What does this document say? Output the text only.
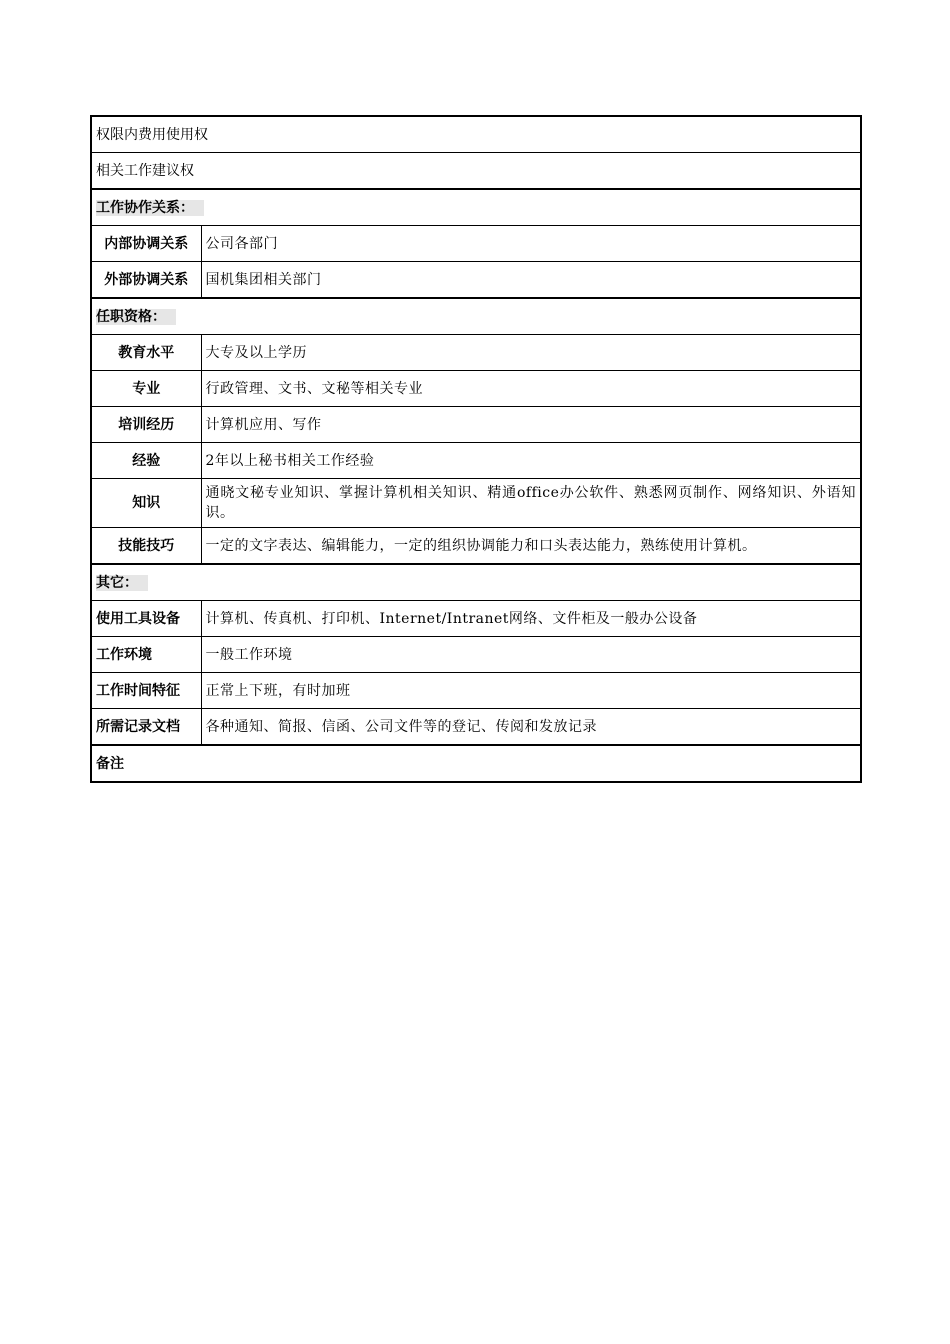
权限内费用使用权	
相关工作建议权	
工作协作关系：	
内部协调关系	公司各部门
外部协调关系	国机集团相关部门
任职资格：	
教育水平	大专及以上学历
专业	行政管理、文书、文秘等相关专业
培训经历	计算机应用、写作
经验	2年以上秘书相关工作经验
知识	通晓文秘专业知识、掌握计算机相关知识、精通office办公软件、熟悉网页制作、网络知识、外语知识。
技能技巧	一定的文字表达、编辑能力，一定的组织协调能力和口头表达能力，熟练使用计算机。
其它：	
使用工具设备	计算机、传真机、打印机、Internet/Intranet网络、文件柜及一般办公设备
工作环境	一般工作环境
工作时间特征	正常上下班，有时加班
所需记录文档	各种通知、简报、信函、公司文件等的登记、传阅和发放记录
备注	
